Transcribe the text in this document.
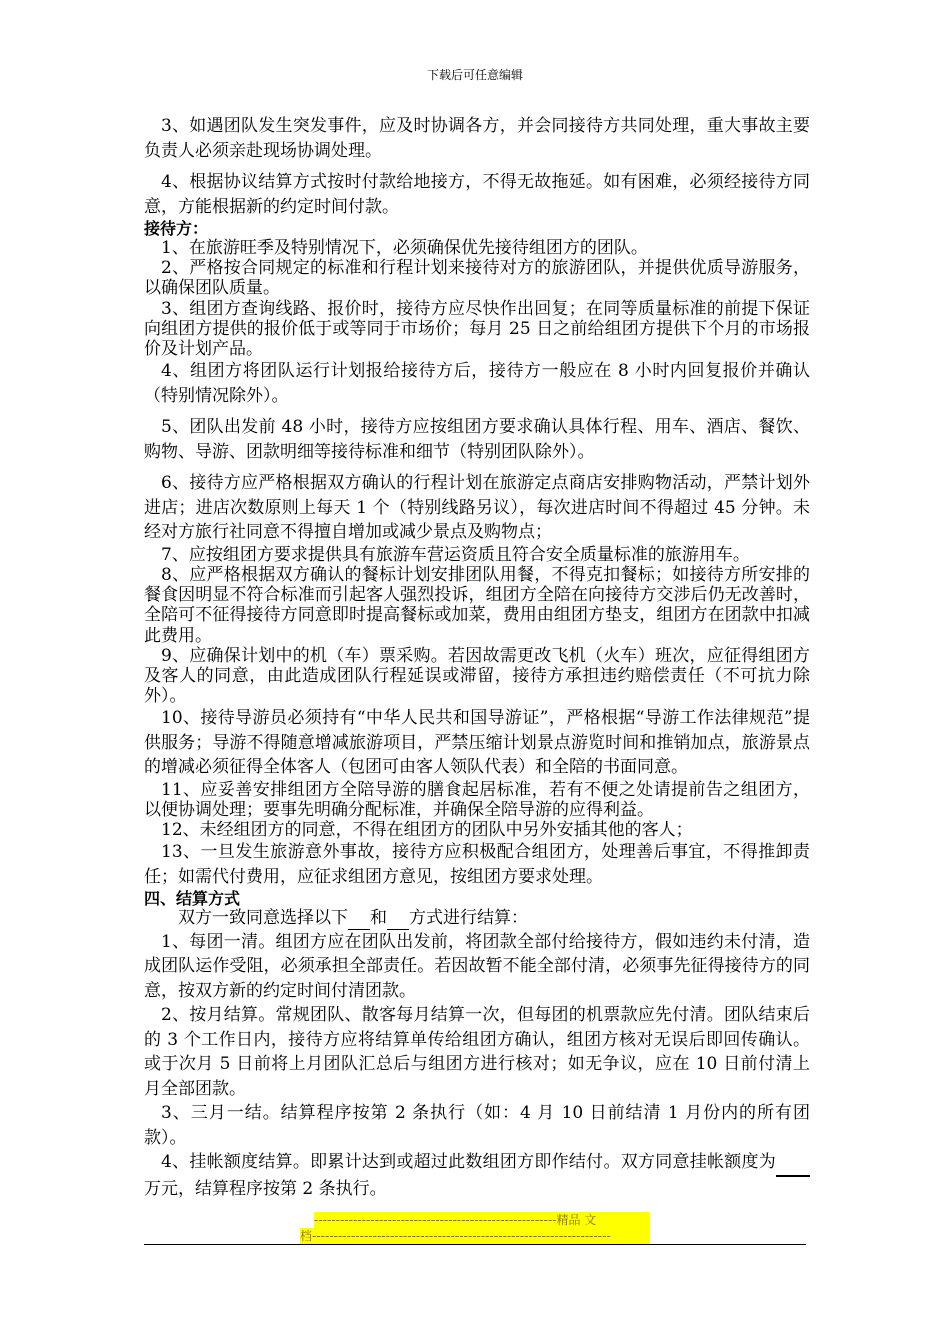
下载后可任意编辑

3、如遇团队发生突发事件，应及时协调各方，并会同接待方共同处理，重大事故主要负责人必须亲赴现场协调处理。

4、根据协议结算方式按时付款给地接方，不得无故拖延。如有困难，必须经接待方同意，方能根据新的约定时间付款。

接待方：

1、在旅游旺季及特别情况下，必须确保优先接待组团方的团队。

2、严格按合同规定的标准和行程计划来接待对方的旅游团队，并提供优质导游服务，以确保团队质量。

3、组团方查询线路、报价时，接待方应尽快作出回复；在同等质量标准的前提下保证向组团方提供的报价低于或等同于市场价；每月 25 日之前给组团方提供下个月的市场报价及计划产品。

4、组团方将团队运行计划报给接待方后，接待方一般应在 8 小时内回复报价并确认（特别情况除外）。

5、团队出发前 48 小时，接待方应按组团方要求确认具体行程、用车、酒店、餐饮、购物、导游、团款明细等接待标准和细节（特别团队除外）。

6、接待方应严格根据双方确认的行程计划在旅游定点商店安排购物活动，严禁计划外进店；进店次数原则上每天 1 个（特别线路另议），每次进店时间不得超过 45 分钟。未经对方旅行社同意不得擅自增加或减少景点及购物点；

7、应按组团方要求提供具有旅游车营运资质且符合安全质量标准的旅游用车。

8、应严格根据双方确认的餐标计划安排团队用餐，不得克扣餐标；如接待方所安排的餐食因明显不符合标准而引起客人强烈投诉，组团方全陪在向接待方交涉后仍无改善时，全陪可不征得接待方同意即时提高餐标或加菜，费用由组团方垫支，组团方在团款中扣减此费用。

9、应确保计划中的机（车）票采购。若因故需更改飞机（火车）班次，应征得组团方及客人的同意，由此造成团队行程延误或滞留，接待方承担违约赔偿责任（不可抗力除外）。

10、接待导游员必须持有“中华人民共和国导游证”，严格根据“导游工作法律规范”提供服务；导游不得随意增减旅游项目，严禁压缩计划景点游览时间和推销加点，旅游景点的增减必须征得全体客人（包团可由客人领队代表）和全陪的书面同意。

11、应妥善安排组团方全陪导游的膳食起居标准，若有不便之处请提前告之组团方，以便协调处理；要事先明确分配标准，并确保全陪导游的应得利益。

12、未经组团方的同意，不得在组团方的团队中另外安插其他的客人；

13、一旦发生旅游意外事故，接待方应积极配合组团方，处理善后事宜，不得推卸责任；如需代付费用，应征求组团方意见，按组团方要求处理。

四、结算方式

双方一致同意选择以下 和 方式进行结算：

1、每团一清。组团方应在团队出发前，将团款全部付给接待方，假如违约未付清，造成团队运作受阻，必须承担全部责任。若因故暂不能全部付清，必须事先征得接待方的同意，按双方新的约定时间付清团款。

2、按月结算。常规团队、散客每月结算一次，但每团的机票款应先付清。团队结束后的 3 个工作日内，接待方应将结算单传给组团方确认，组团方核对无误后即回传确认。或于次月 5 日前将上月团队汇总后与组团方进行核对；如无争议，应在 10 日前付清上月全部团款。

3、三月一结。结算程序按第 2 条执行（如：4 月 10 日前结清 1 月份内的所有团款）。

4、挂帐额度结算。即累计达到或超过此数组团方即作结付。双方同意挂帐额度为 万元，结算程序按第 2 条执行。

--------------------------------------------------------精品 文
档---------------------------------------------------------------------
